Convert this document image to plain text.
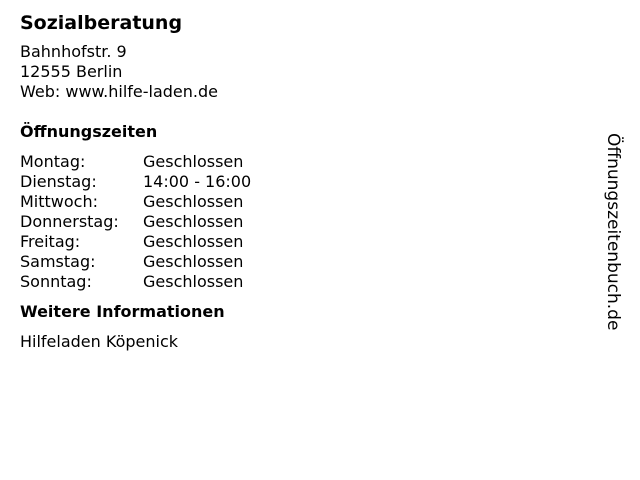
Sozialberatung
Bahnhofstr. 9
12555 Berlin
Web: www.hilfe-laden.de
Öffnungszeiten
Montag:	Geschlossen
Dienstag:	14:00 - 16:00
Mittwoch:	Geschlossen
Donnerstag:	Geschlossen
Freitag:	Geschlossen
Samstag:	Geschlossen
Sonntag:	Geschlossen
Weitere Informationen
Hilfeladen Köpenick
Öffnungszeitenbuch.de
